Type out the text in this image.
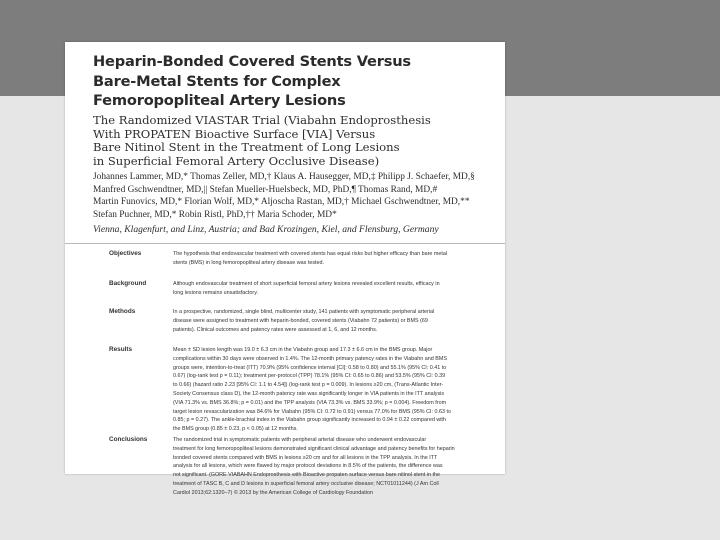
Heparin-Bonded Covered Stents Versus
Bare-Metal Stents for Complex
Femoropopliteal Artery Lesions
The Randomized VIASTAR Trial (Viabahn Endoprosthesis
With PROPATEN Bioactive Surface [VIA] Versus
Bare Nitinol Stent in the Treatment of Long Lesions
in Superficial Femoral Artery Occlusive Disease)
Johannes Lammer, MD,* Thomas Zeller, MD,† Klaus A. Hausegger, MD,‡ Philipp J. Schaefer, MD,§
Manfred Gschwendtner, MD,|| Stefan Mueller-Huelsbeck, MD, PhD,¶ Thomas Rand, MD,#
Martin Funovics, MD,* Florian Wolf, MD,* Aljoscha Rastan, MD,† Michael Gschwendtner, MD,**
Stefan Puchner, MD,* Robin Ristl, PhD,†† Maria Schoder, MD*
Vienna, Klagenfurt, and Linz, Austria; and Bad Krozingen, Kiel, and Flensburg, Germany
Objectives	The hypothesis that endovascular treatment with covered stents has equal risks but higher efficacy than bare metal
stents (BMS) in long femoropopliteal artery disease was tested.
Background	Although endovascular treatment of short superficial femoral artery lesions revealed excellent results, efficacy in
long lesions remains unsatisfactory.
Methods	In a prospective, randomized, single blind, multicenter study, 141 patients with symptomatic peripheral arterial
disease were assigned to treatment with heparin-bonded, covered stents (Viabahn 72 patients) or BMS (69
patients). Clinical outcomes and patency rates were assessed at 1, 6, and 12 months.
Results	Mean ± SD lesion length was 19.0 ± 6.3 cm in the Viabahn group and 17.3 ± 6.6 cm in the BMS group. Major
complications within 30 days were observed in 1.4%. The 12-month primary patency rates in the Viabahn and BMS
groups were, intention-to-treat (ITT) 70.9% (95% confidence interval [CI]: 0.58 to 0.80) and 55.1% (95% CI: 0.41 to
0.67) (log-rank test p = 0.11); treatment per-protocol (TPP) 78.1% (95% CI: 0.65 to 0.86) and 53.5% (95% CI: 0.39
to 0.66) (hazard ratio 2.23 [95% CI: 1.1 to 4.54]) (log-rank test p = 0.009). In lesions ≥20 cm, (Trans-Atlantic Inter-
Society Consensus class D), the 12-month patency rate was significantly longer in VIA patients in the ITT analysis
(VIA 71.3% vs. BMS 36.8%; p = 0.01) and the TPP analysis (VIA 73.3% vs. BMS 33.9%; p = 0.004). Freedom from
target lesion revascularization was 84.6% for Viabahn (95% CI: 0.72 to 0.91) versus 77.0% for BMS (95% CI: 0.63 to
0.85; p = 0.27). The ankle-brachial index in the Viabahn group significantly increased to 0.94 ± 0.22 compared with
the BMS group (0.85 ± 0.23, p < 0.05) at 12 months.
Conclusions	The randomized trial in symptomatic patients with peripheral arterial disease who underwent endovascular
treatment for long femoropopliteal lesions demonstrated significant clinical advantage and patency benefits for heparin
bonded covered stents compared with BMS in lesions ≥20 cm and for all lesions in the TPP analysis. In the ITT
analysis for all lesions, which were flawed by major protocol deviations in 8.5% of the patients, the difference was
not significant. (GORE VIABAHN Endoprosthesis with Bioactive propaten surface versus bare nitinol stent in the
treatment of TASC B, C and D lesions in superficial femoral artery occlusive disease; NCT01011244) (J Am Coll
Cardiol 2013;62:1320–7) © 2013 by the American College of Cardiology Foundation
